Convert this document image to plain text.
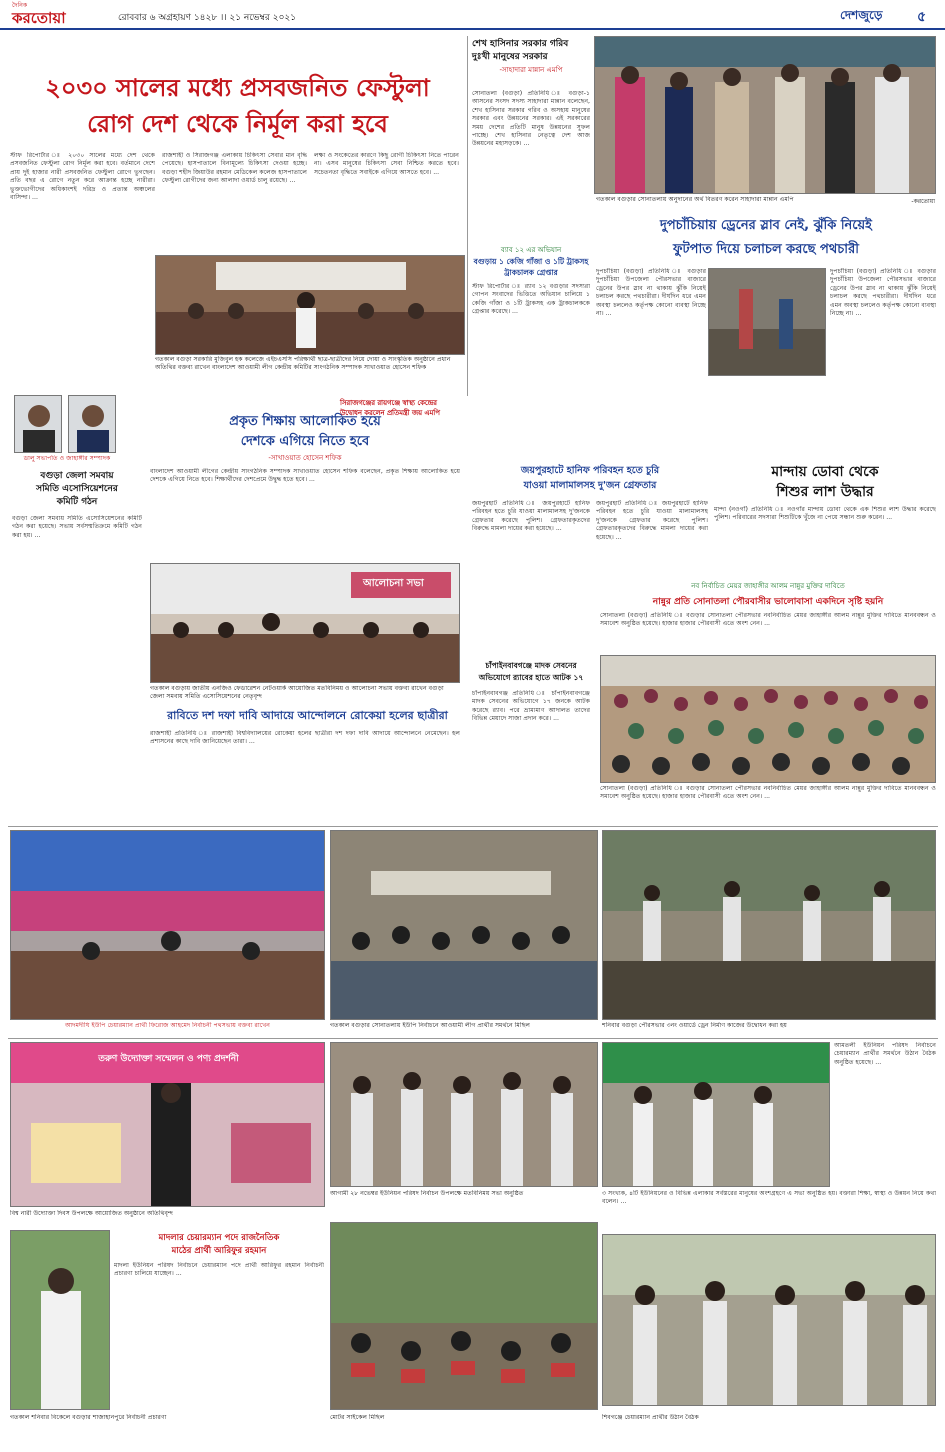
দৈনিক
করতোয়া	রোববার ৬ অগ্রহায়ণ ১৪২৮ ।। ২১ নভেম্বর ২০২১	দেশজুড়ে ৫
২০৩০ সালের মধ্যে প্রসবজনিত ফেস্টুলা
রোগ দেশ থেকে নির্মূল করা হবে
স্টাফ রিপোর্টার ঃ ২০৩০ সালের মধ্যে দেশ থেকে প্রসবজনিত ফেস্টুলা রোগ নির্মূল করা হবে। বর্তমানে দেশে প্রায় দুই হাজার নারী প্রসবজনিত ফেস্টুলা রোগে ভুগছেন। প্রতি বছর এ রোগে নতুন করে আক্রান্ত হচ্ছে নারীরা। ভুক্তভোগীদের অধিকাংশই দরিদ্র ও প্রত্যন্ত অঞ্চলের বাসিন্দা। ...
রাজশাহী ও সিরাজগঞ্জ এলাকায় চিকিৎসা সেবার মান বৃদ্ধি পেয়েছে। হাসপাতালে বিনামূল্যে চিকিৎসা দেওয়া হচ্ছে। বগুড়া শহীদ জিয়াউর রহমান মেডিকেল কলেজ হাসপাতালে ফেস্টুলা রোগীদের জন্য আলাদা ওয়ার্ড চালু রয়েছে। ...
লক্ষ্য ও সংকেতের কারণে কিছু রোগী চিকিৎসা নিতে পারেন না। এসব মানুষের চিকিৎসা সেবা নিশ্চিত করতে হবে। সচেতনতা বৃদ্ধিতে সবাইকে এগিয়ে আসতে হবে। ...
গতকাল বগুড়া সরকারি মুজিবুল হক কলেজে এইচএসসি পরিক্ষার্থী ছাত্র-ছাত্রীদের নিয়ে দোয়া ও সাংস্কৃতিক অনুষ্ঠানে প্রধান অতিথির বক্তব্য রাখেন বাংলাদেশ আওয়ামী লীগ কেন্দ্রীয় কমিটির সাংগঠনিক সম্পাদক সাখাওয়াত হোসেন শফিক
শেখ হাসিনার সরকার গরিব
দুঃখী মানুষের সরকার
-সাহাদারা মান্নান এমপি
সোনাতলা (বগুড়া) প্রতিনিধি ঃ বগুড়া-১ আসনের সংসদ সদস্য সাহাদারা মান্নান বলেছেন, শেখ হাসিনার সরকার গরিব ও অসহায় মানুষের সরকার এবং উন্নয়নের সরকার। এই সরকারের সময় দেশের প্রতিটি মানুষ উন্নয়নের সুফল পাচ্ছে। শেখ হাসিনার নেতৃত্বে দেশ আজ উন্নয়নের মহাসড়কে। ...
গতকাল বগুড়ার সোনাতলায় অনুদানের অর্থ বিতরণ করেন সাহাদারা মান্নান এমপি	-করতোয়া
দুপচাঁচিয়ায় ড্রেনের স্লাব নেই, ঝুঁকি নিয়েই
ফুটপাত দিয়ে চলাচল করছে পথচারী
দুপচাঁচিয়া (বগুড়া) প্রতিনিধি ঃ বগুড়ার দুপচাঁচিয়া উপজেলা পৌরসভার বাজারে ড্রেনের উপর স্লাব না থাকায় ঝুঁকি নিয়েই চলাচল করছে পথচারীরা। দীর্ঘদিন ধরে এমন অবস্থা চললেও কর্তৃপক্ষ কোনো ব্যবস্থা নিচ্ছে না। ...
দুপচাঁচিয়া (বগুড়া) প্রতিনিধি ঃ বগুড়ার দুপচাঁচিয়া উপজেলা পৌরসভার বাজারে ড্রেনের উপর স্লাব না থাকায় ঝুঁকি নিয়েই চলাচল করছে পথচারীরা। দীর্ঘদিন ধরে এমন অবস্থা চললেও কর্তৃপক্ষ কোনো ব্যবস্থা নিচ্ছে না। ...
ব্যাব ১২ এর অভিযান
বগুড়ায় ১ কেজি গাঁজা ও ১টি ট্রাকসহ
ট্রাকচালক গ্রেপ্তার
স্টাফ রিপোর্টার ঃ র‍্যাব ১২ বগুড়ার সদস্যরা গোপন সংবাদের ভিত্তিতে অভিযান চালিয়ে ১ কেজি গাঁজা ও ১টি ট্রাকসহ এক ট্রাকচালককে গ্রেপ্তার করেছে। ...
ডালু সভাপতি ও জাহাঙ্গীর সম্পাদক
প্রকৃত শিক্ষায় আলোকিত হয়ে
দেশকে এগিয়ে নিতে হবে
-সাখাওয়াত হোসেন শফিক
বাংলাদেশ আওয়ামী লীগের কেন্দ্রীয় সাংগঠনিক সম্পাদক সাখাওয়াত হোসেন শফিক বলেছেন, প্রকৃত শিক্ষায় আলোকিত হয়ে দেশকে এগিয়ে নিতে হবে। শিক্ষার্থীদের দেশপ্রেমে উদ্বুদ্ধ হতে হবে। ...
সিরাজগঞ্জের রায়গঞ্জে স্বাস্থ্য কেন্দ্রের
উদ্বোধন করলেন প্রতিমন্ত্রী জয় এমপি
জয়পুরহাটে হানিফ পরিবহন হতে চুরি
যাওয়া মালামালসহ দু'জন গ্রেফতার
জয়পুরহাট প্রতিনিধি ঃ জয়পুরহাটে হানিফ পরিবহন হতে চুরি যাওয়া মালামালসহ দু'জনকে গ্রেফতার করেছে পুলিশ। গ্রেফতারকৃতদের বিরুদ্ধে মামলা দায়ের করা হয়েছে। ...
জয়পুরহাট প্রতিনিধি ঃ জয়পুরহাটে হানিফ পরিবহন হতে চুরি যাওয়া মালামালসহ দু'জনকে গ্রেফতার করেছে পুলিশ। গ্রেফতারকৃতদের বিরুদ্ধে মামলা দায়ের করা হয়েছে। ...
মান্দায় ডোবা থেকে
শিশুর লাশ উদ্ধার
মান্দা (নওগাঁ) প্রতিনিধি ঃ নওগাঁর মান্দায় ডোবা থেকে এক শিশুর লাশ উদ্ধার করেছে পুলিশ। পরিবারের সদস্যরা শিশুটিকে খুঁজে না পেয়ে সন্ধান শুরু করেন। ...
বগুড়া জেলা সমবায়
সমিতি এসোসিয়েশনের
কমিটি গঠন
বগুড়া জেলা সমবায় সমিতি এসোসিয়েশনের কমিটি গঠন করা হয়েছে। সভায় সর্বসম্মতিক্রমে কমিটি গঠন করা হয়। ...
আলোচনা সভা
গতকাল বগুড়ায় জাতীয় এনজিও ফেডারেশন নেটওয়ার্ক আয়োজিত মতবিনিময় ও আলোচনা সভায় বক্তব্য রাখেন বগুড়া জেলা সমবায় সমিতি এসোসিয়েশনের নেতৃবৃন্দ
রাবিতে দশ দফা দাবি আদায়ে আন্দোলনে রোকেয়া হলের ছাত্রীরা
রাজশাহী প্রতিনিধি ঃ রাজশাহী বিশ্ববিদ্যালয়ের রোকেয়া হলের ছাত্রীরা দশ দফা দাবি আদায়ে আন্দোলনে নেমেছেন। হল প্রশাসনের কাছে দাবি জানিয়েছেন তারা। ...
চাঁপাইনবাবগঞ্জে মাদক সেবনের
অভিযোগে র‍্যাবের হাতে আটক ১৭
চাঁপাইনবাবগঞ্জ প্রতিনিধি ঃ চাঁপাইনবাবগঞ্জে মাদক সেবনের অভিযোগে ১৭ জনকে আটক করেছে র‍্যাব। পরে ভ্রাম্যমাণ আদালত তাদের বিভিন্ন মেয়াদে সাজা প্রদান করে। ...
নব নির্বাচিত মেয়র জাহাঙ্গীর আলম নান্নুর মুক্তির দাবিতে
নান্নুর প্রতি সোনাতলা পৌরবাসীর ভালোবাসা একদিনে সৃষ্টি হয়নি
সোনাতলা (বগুড়া) প্রতিনিধি ঃ বগুড়ার সোনাতলা পৌরসভার নবনির্বাচিত মেয়র জাহাঙ্গীর আলম নান্নুর মুক্তির দাবিতে মানববন্ধন ও সমাবেশ অনুষ্ঠিত হয়েছে। হাজার হাজার পৌরবাসী এতে অংশ নেন। ...
সোনাতলা (বগুড়া) প্রতিনিধি ঃ বগুড়ার সোনাতলা পৌরসভার নবনির্বাচিত মেয়র জাহাঙ্গীর আলম নান্নুর মুক্তির দাবিতে মানববন্ধন ও সমাবেশ অনুষ্ঠিত হয়েছে। হাজার হাজার পৌরবাসী এতে অংশ নেন। ...
আদমদীঘি ইউপি চেয়ারম্যান প্রার্থী ফিরোজ আহমেদ নির্বাচনী পথসভায় বক্তব্য রাখেন	গতকাল বগুড়ার সোনাতলায় ইউপি নির্বাচনে আওয়ামী লীগ প্রার্থীর সমর্থনে মিছিল	শনিবার বগুড়া পৌরসভার ৩নং ওয়ার্ডে ড্রেন নির্মাণ কাজের উদ্বোধন করা হয়
তরুণ উদ্যোক্তা সম্মেলন ও পণ্য প্রদর্শনী
বিশ্ব নারী উদ্যোক্তা দিবস উপলক্ষে আয়োজিত অনুষ্ঠানে অতিথিবৃন্দ
আগামী ২৮ নভেম্বর ইউনিয়ন পরিষদ নির্বাচন উপলক্ষে মতবিনিময় সভা অনুষ্ঠিত
আমতলী ইউনিয়ন পরিষদ নির্বাচনে চেয়ারম্যান প্রার্থীর সমর্থনে উঠান বৈঠক অনুষ্ঠিত হয়েছে। ...
৩ সংখ্যক, ৪টি ইউনিয়নের ও বিভিন্ন এলাকার সর্বস্তরের মানুষের অংশগ্রহণে এ সভা অনুষ্ঠিত হয়। বক্তারা শিক্ষা, স্বাস্থ্য ও উন্নয়ন নিয়ে কথা বলেন। ...
মাদলার চেয়ারম্যান পদে রাজনৈতিক
মাঠের প্রার্থী আরিফুর রহমান
মাদলা ইউনিয়ন পরিষদ নির্বাচনে চেয়ারম্যান পদে প্রার্থী আরিফুর রহমান নির্বাচনী প্রচারণা চালিয়ে যাচ্ছেন। ...
গতকাল শনিবার বিকেলে বগুড়ার শাজাহানপুরে নির্বাচনী প্রচারণা	মোটর সাইকেল মিছিল	শিবগঞ্জে চেয়ারম্যান প্রার্থীর উঠান বৈঠক
